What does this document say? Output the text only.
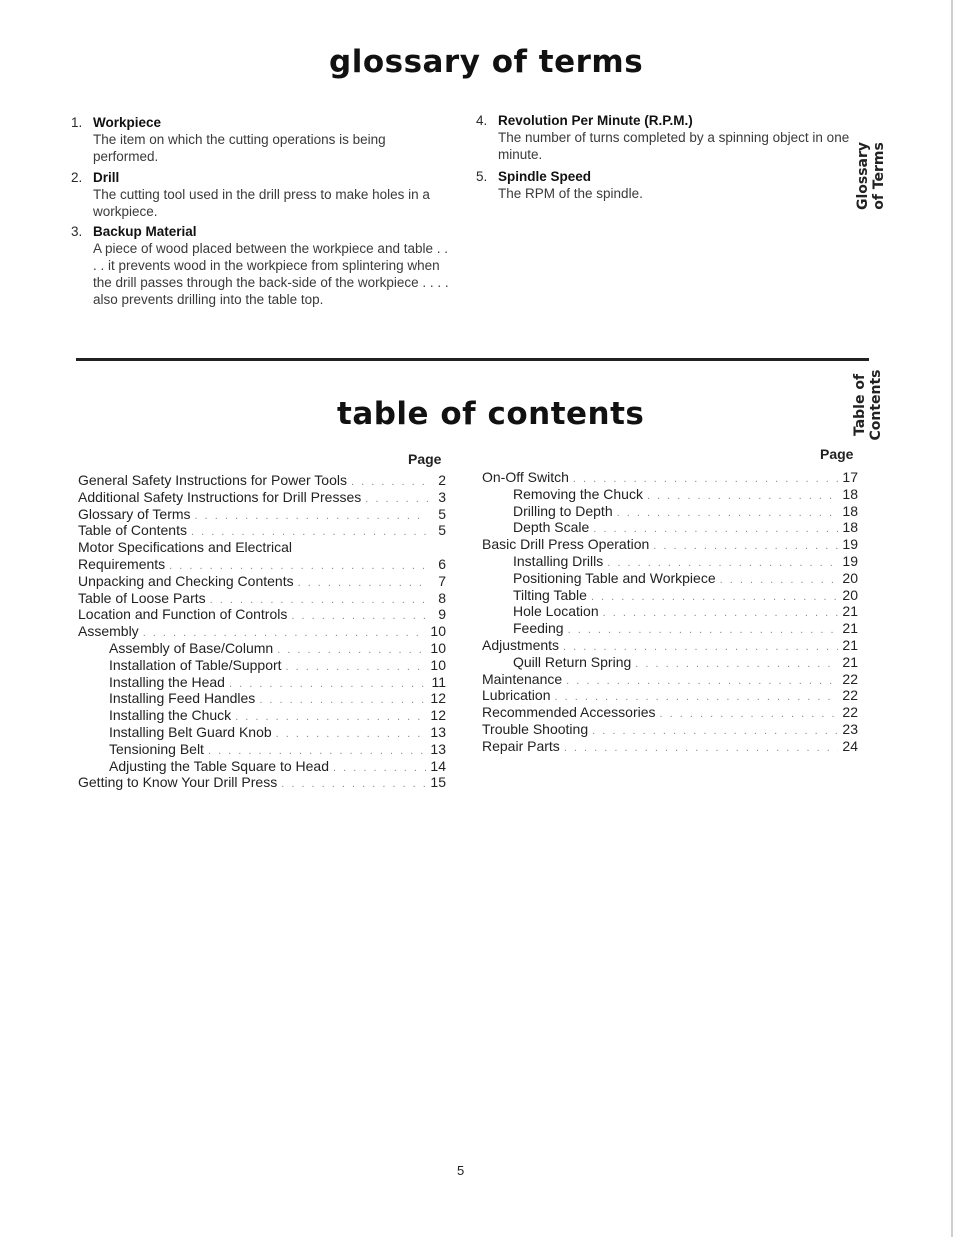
glossary of terms
1. Workpiece
The item on which the cutting operations is being performed.
2. Drill
The cutting tool used in the drill press to make holes in a workpiece.
3. Backup Material
A piece of wood placed between the workpiece and table . . . . it prevents wood in the workpiece from splintering when the drill passes through the back-side of the workpiece . . . . also prevents drilling into the table top.
4. Revolution Per Minute (R.P.M.)
The number of turns completed by a spinning object in one minute.
5. Spindle Speed
The RPM of the spindle.	Glossary of Terms
table of contents	Table of Contents
Page	Page
General Safety Instructions for Power Tools . . .	2
Additional Safety Instructions for Drill Presses . . .	3
Glossary of Terms . . .	5
Table of Contents . . .	5
Motor Specifications and Electrical
Requirements . . .	6
Unpacking and Checking Contents . . .	7
Table of Loose Parts . . .	8
Location and Function of Controls . . .	9
Assembly . . .	10
Assembly of Base/Column . . .	10
Installation of Table/Support . . .	10
Installing the Head . . .	11
Installing Feed Handles . . .	12
Installing the Chuck . . .	12
Installing Belt Guard Knob . . .	13
Tensioning Belt . . .	13
Adjusting the Table Square to Head . . .	14
Getting to Know Your Drill Press . . .	15
On-Off Switch . . .	17
Removing the Chuck . . .	18
Drilling to Depth . . .	18
Depth Scale . . .	18
Basic Drill Press Operation . . .	19
Installing Drills . . .	19
Positioning Table and Workpiece . . .	20
Tilting Table . . .	20
Hole Location . . .	21
Feeding . . .	21
Adjustments . . .	21
Quill Return Spring . . .	21
Maintenance . . .	22
Lubrication . . .	22
Recommended Accessories . . .	22
Trouble Shooting . . .	23
Repair Parts . . .	24
5
